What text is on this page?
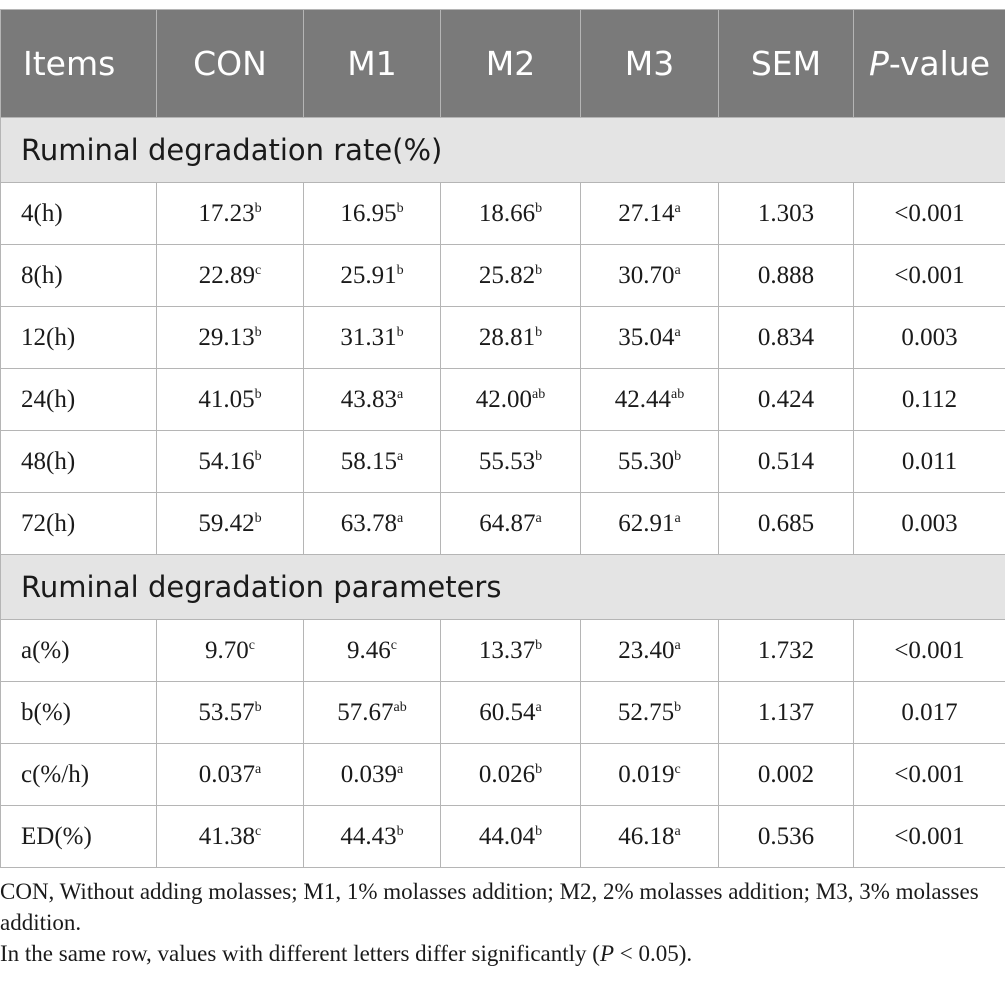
Items	CON	M1	M2	M3	SEM	P-value
Ruminal degradation rate(%)						
4(h)	17.23$^b$	16.95$^b$	18.66$^b$	27.14$^a$	1.303	<0.001
8(h)	22.89$^c$	25.91$^b$	25.82$^b$	30.70$^a$	0.888	<0.001
12(h)	29.13$^b$	31.31$^b$	28.81$^b$	35.04$^a$	0.834	0.003
24(h)	41.05$^b$	43.83$^a$	42.00$^{ab}$	42.44$^{ab}$	0.424	0.112
48(h)	54.16$^b$	58.15$^a$	55.53$^b$	55.30$^b$	0.514	0.011
72(h)	59.42$^b$	63.78$^a$	64.87$^a$	62.91$^a$	0.685	0.003
Ruminal degradation parameters						
a(%)	9.70$^c$	9.46$^c$	13.37$^b$	23.40$^a$	1.732	<0.001
b(%)	53.57$^b$	57.67$^{ab}$	60.54$^a$	52.75$^b$	1.137	0.017
c(%/h)	0.037$^a$	0.039$^a$	0.026$^b$	0.019$^c$	0.002	<0.001
ED(%)	41.38$^c$	44.43$^b$	44.04$^b$	46.18$^a$	0.536	<0.001

CON, Without adding molasses; M1, 1% molasses addition; M2, 2% molasses addition; M3, 3% molasses addition.

In the same row, values with different letters differ significantly (P < 0.05).
